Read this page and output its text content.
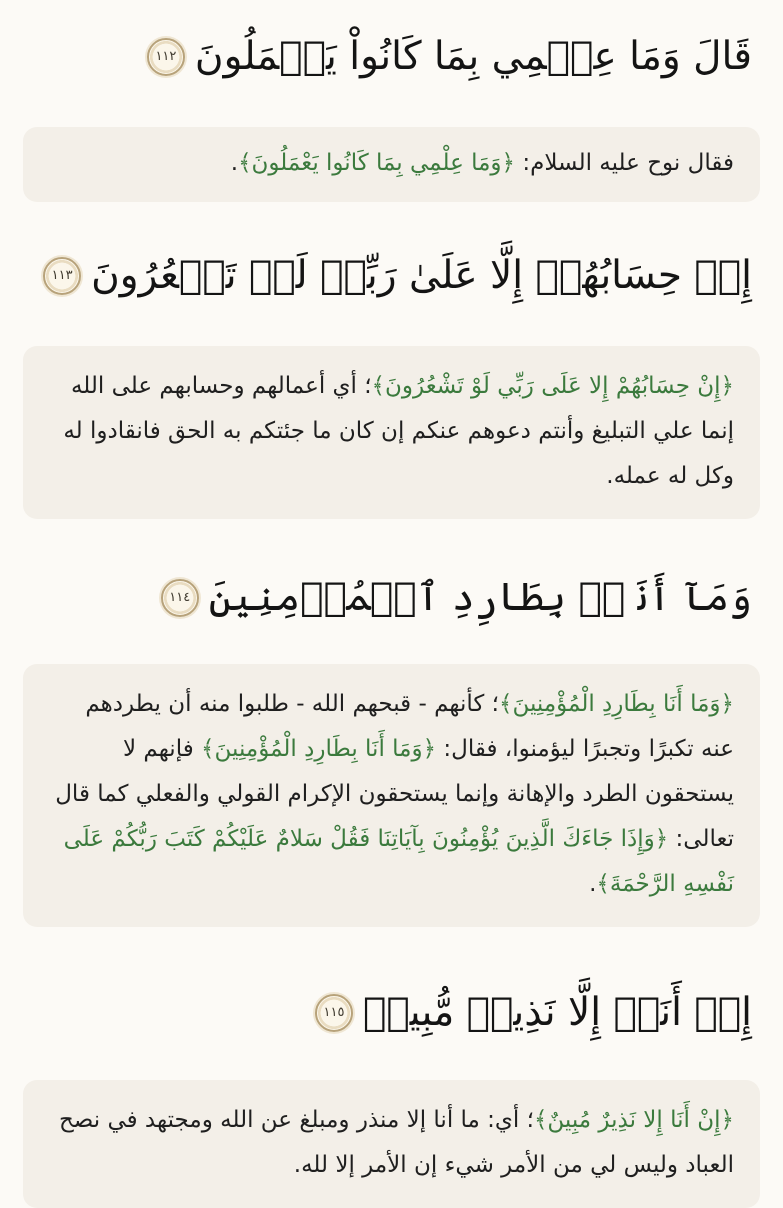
قَالَ وَمَا عِلۡمِي بِمَا كَانُواْ يَعۡمَلُونَ
١١٢
فقال نوح عليه السلام: ﴿وَمَا عِلْمِي بِمَا كَانُوا يَعْمَلُونَ﴾.
إِنۡ حِسَابُهُمۡ إِلَّا عَلَىٰ رَبِّيۖ لَوۡ تَشۡعُرُونَ
١١٣
﴿إِنْ حِسَابُهُمْ إِلا عَلَى رَبِّي لَوْ تَشْعُرُونَ﴾؛ أي أعمالهم وحسابهم على الله إنما علي التبليغ وأنتم دعوهم عنكم إن كان ما جئتكم به الحق فانقادوا له وكل له عمله.
وَمَآ أَنَا۠ بِطَارِدِ ٱلۡمُؤۡمِنِينَ
١١٤
﴿وَمَا أَنَا بِطَارِدِ الْمُؤْمِنِينَ﴾؛ كأنهم - قبحهم الله - طلبوا منه أن يطردهم عنه تكبرًا وتجبرًا ليؤمنوا، فقال: ﴿وَمَا أَنَا بِطَارِدِ الْمُؤْمِنِينَ﴾ فإنهم لا يستحقون الطرد والإهانة وإنما يستحقون الإكرام القولي والفعلي كما قال تعالى: ﴿وَإِذَا جَاءَكَ الَّذِينَ يُؤْمِنُونَ بِآيَاتِنَا فَقُلْ سَلامٌ عَلَيْكُمْ كَتَبَ رَبُّكُمْ عَلَى نَفْسِهِ الرَّحْمَةَ﴾.
إِنۡ أَنَا۠ إِلَّا نَذِيرٞ مُّبِينٞ
١١٥
﴿إِنْ أَنَا إِلا نَذِيرٌ مُبِينٌ﴾؛ أي: ما أنا إلا منذر ومبلغ عن الله ومجتهد في نصح العباد وليس لي من الأمر شيء إن الأمر إلا لله.
